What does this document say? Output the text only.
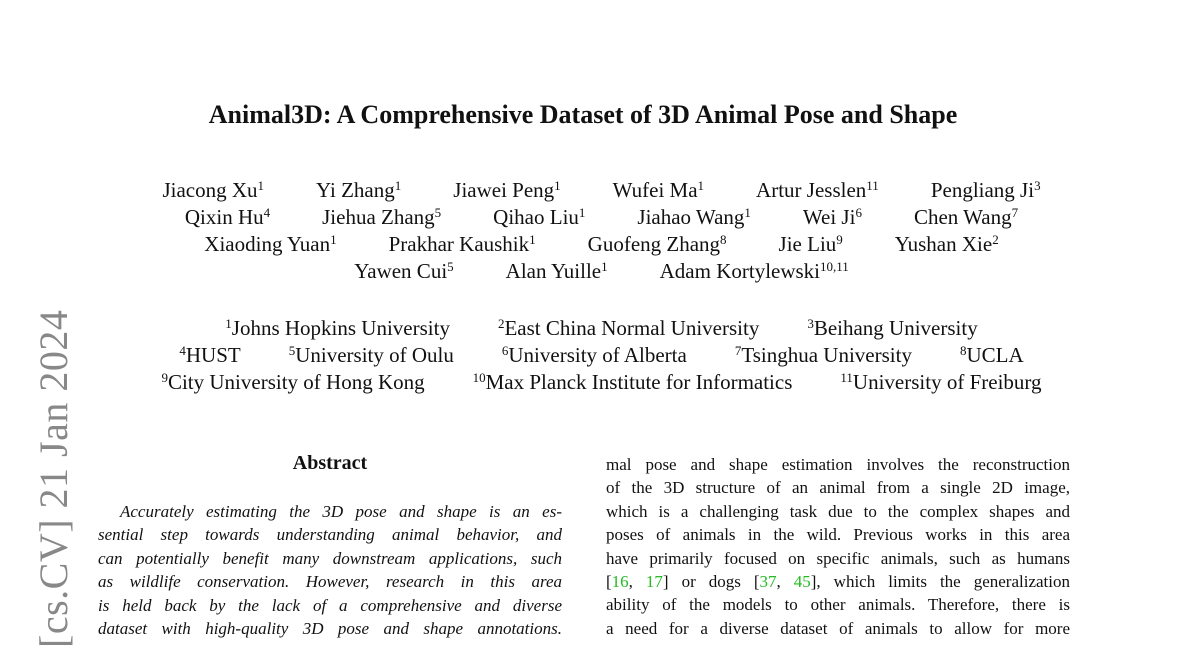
[cs.CV] 21 Jan 2024
Animal3D: A Comprehensive Dataset of 3D Animal Pose and Shape
Jiacong Xu$^1$ Yi Zhang$^1$ Jiawei Peng$^1$ Wufei Ma$^1$ Artur Jesslen$^{11}$ Pengliang Ji$^3$
Qixin Hu$^4$ Jiehua Zhang$^5$ Qihao Liu$^1$ Jiahao Wang$^1$ Wei Ji$^6$ Chen Wang$^7$
Xiaoding Yuan$^1$ Prakhar Kaushik$^1$ Guofeng Zhang$^8$ Jie Liu$^9$ Yushan Xie$^2$
Yawen Cui$^5$ Alan Yuille$^1$ Adam Kortylewski$^{10,11}$
$^1$Johns Hopkins University	$^2$East China Normal University	$^3$Beihang University
$^4$HUST	$^5$University of Oulu	$^6$University of Alberta	$^7$Tsinghua University	$^8$UCLA
$^9$City University of Hong Kong	$^{10}$Max Planck Institute for Informatics	$^{11}$University of Freiburg
Abstract
Accurately estimating the 3D pose and shape is an es-
sential step towards understanding animal behavior, and
can potentially benefit many downstream applications, such
as wildlife conservation. However, research in this area
is held back by the lack of a comprehensive and diverse
dataset with high-quality 3D pose and shape annotations.
mal pose and shape estimation involves the reconstruction
of the 3D structure of an animal from a single 2D image,
which is a challenging task due to the complex shapes and
poses of animals in the wild. Previous works in this area
have primarily focused on specific animals, such as humans
[16, 17] or dogs [37, 45], which limits the generalization
ability of the models to other animals. Therefore, there is
a need for a diverse dataset of animals to allow for more
